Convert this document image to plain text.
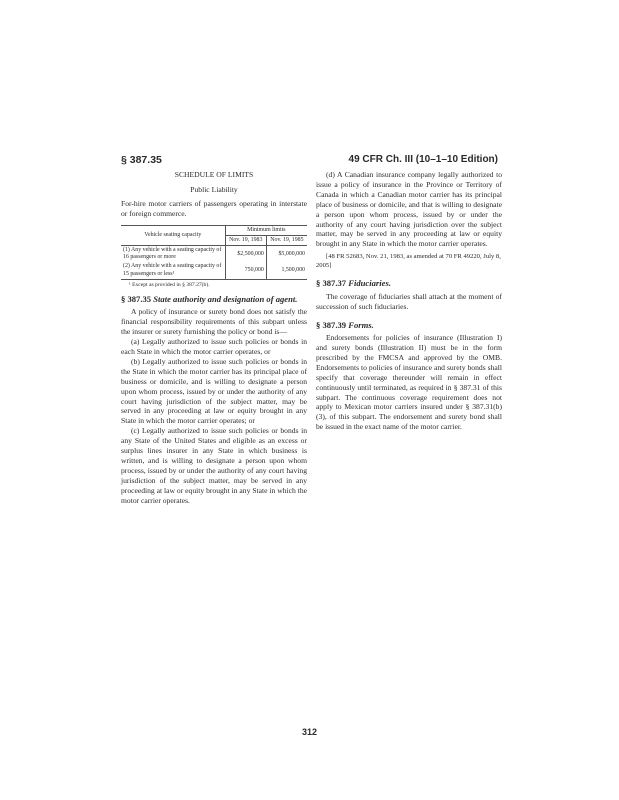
§ 387.35	49 CFR Ch. III (10–1–10 Edition)

SCHEDULE OF LIMITS

Public Liability

For-hire motor carriers of passengers operating in interstate or foreign commerce.

Vehicle seating capacity	Minimum limits	
	Nov. 19, 1983	Nov. 19, 1985
(1) Any vehicle with a seating capacity of 16 passengers or more	$2,500,000	$5,000,000
(2) Any vehicle with a seating capacity of 15 passengers or less¹	750,000	1,500,000

¹ Except as provided in § 387.27(b).

§ 387.35 State authority and designation of agent.

A policy of insurance or surety bond does not satisfy the financial responsibility requirements of this subpart unless the insurer or surety furnishing the policy or bond is—

(a) Legally authorized to issue such policies or bonds in each State in which the motor carrier operates, or

(b) Legally authorized to issue such policies or bonds in the State in which the motor carrier has its principal place of business or domicile, and is willing to designate a person upon whom process, issued by or under the authority of any court having jurisdiction of the subject matter, may be served in any proceeding at law or equity brought in any State in which the motor carrier operates; or

(c) Legally authorized to issue such policies or bonds in any State of the United States and eligible as an excess or surplus lines insurer in any State in which business is written, and is willing to designate a person upon whom process, issued by or under the authority of any court having jurisdiction of the subject matter, may be served in any proceeding at law or equity brought in any State in which the motor carrier operates.

(d) A Canadian insurance company legally authorized to issue a policy of insurance in the Province or Territory of Canada in which a Canadian motor carrier has its principal place of business or domicile, and that is willing to designate a person upon whom process, issued by or under the authority of any court having jurisdiction over the subject matter, may be served in any proceeding at law or equity brought in any State in which the motor carrier operates.

[48 FR 52683, Nov. 21, 1983, as amended at 70 FR 49220, July 8, 2005]

§ 387.37 Fiduciaries.

The coverage of fiduciaries shall attach at the moment of succession of such fiduciaries.

§ 387.39 Forms.

Endorsements for policies of insurance (Illustration I) and surety bonds (Illustration II) must be in the form prescribed by the FMCSA and approved by the OMB. Endorsements to policies of insurance and surety bonds shall specify that coverage thereunder will remain in effect continuously until terminated, as required in § 387.31 of this subpart. The continuous coverage requirement does not apply to Mexican motor carriers insured under § 387.31(b)(3), of this subpart. The endorsement and surety bond shall be issued in the exact name of the motor carrier.

312
